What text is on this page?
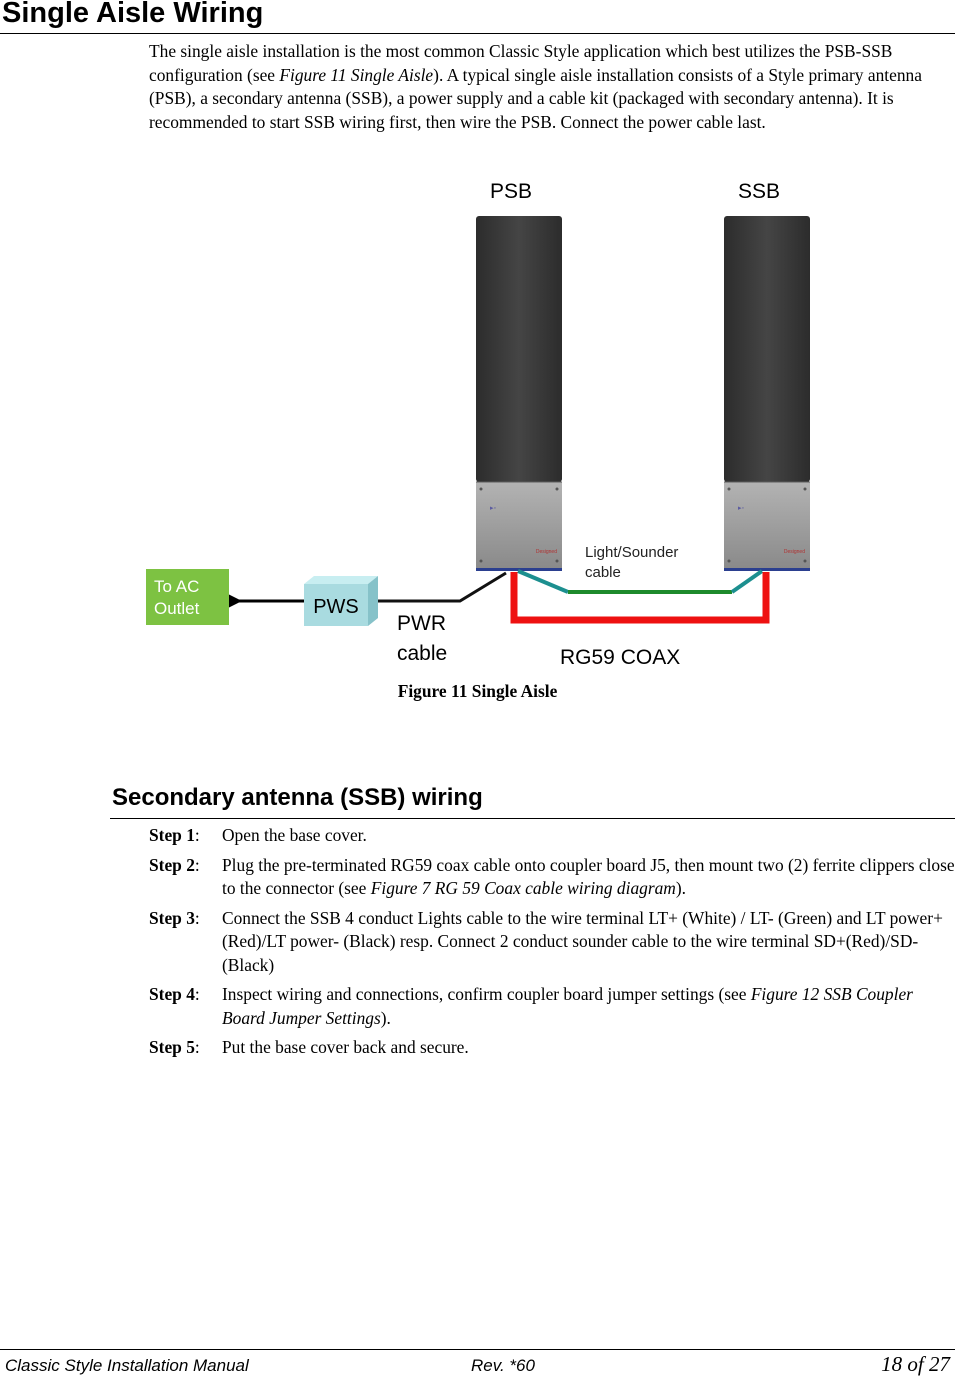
Single Aisle Wiring

The single aisle installation is the most common Classic Style application which best utilizes the PSB-SSB configuration (see Figure 11 Single Aisle). A typical single aisle installation consists of a Style primary antenna (PSB), a secondary antenna (SSB), a power supply and a cable kit (packaged with secondary antenna). It is recommended to start SSB wiring first, then wire the PSB. Connect the power cable last.

PSB
▸◦
Designed
SSB
▸◦
Designed
Light/Sounder
cable
RG59 COAX
PWR
cable
PWS
To AC
Outlet
Figure 11 Single Aisle
Secondary antenna (SSB) wiring
Step 1: Open the base cover.
Step 2: Plug the pre-terminated RG59 coax cable onto coupler board J5, then mount two (2) ferrite clippers close to the connector (see Figure 7 RG 59 Coax cable wiring diagram).
Step 3: Connect the SSB 4 conduct Lights cable to the wire terminal LT+ (White) / LT- (Green) and LT power+ (Red)/LT power- (Black) resp. Connect 2 conduct sounder cable to the wire terminal SD+(Red)/SD-(Black)
Step 4: Inspect wiring and connections, confirm coupler board jumper settings (see Figure 12 SSB Coupler Board Jumper Settings).
Step 5: Put the base cover back and secure.
Classic Style Installation Manual	Rev. *60	18 of 27
